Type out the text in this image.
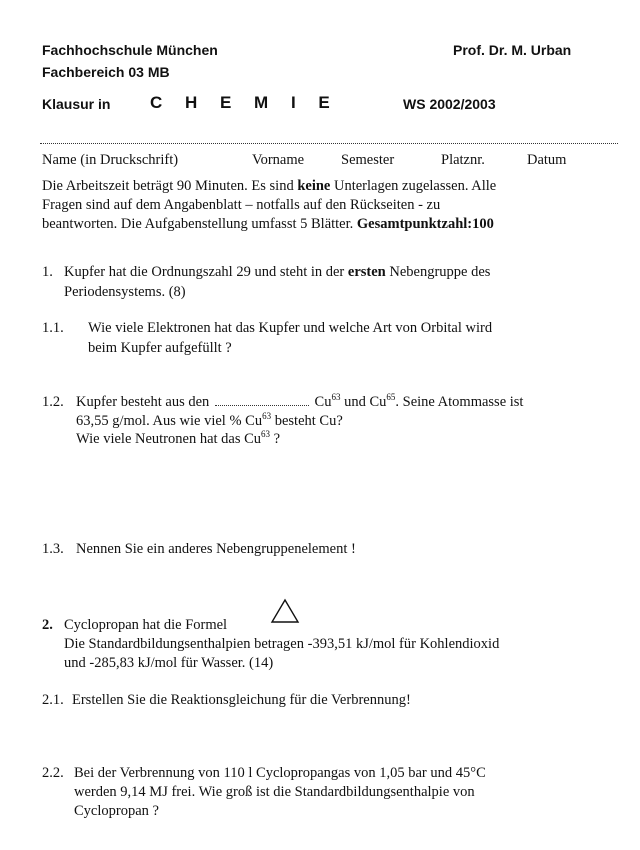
Fachhochschule München
Fachbereich 03 MB
Prof. Dr. M. Urban
Klausur in C H E M I E	WS 2002/2003
Name (in Druckschrift)	Vorname	Semester	Platznr.	Datum
Die Arbeitszeit beträgt 90 Minuten. Es sind keine Unterlagen zugelassen. Alle
Fragen sind auf dem Angabenblatt – notfalls auf den Rückseiten - zu
beantworten. Die Aufgabenstellung umfasst 5 Blätter. Gesamtpunktzahl:100
1. Kupfer hat die Ordnungszahl 29 und steht in der ersten Nebengruppe des
Periodensystems. (8)
1.1. Wie viele Elektronen hat das Kupfer und welche Art von Orbital wird
beim Kupfer aufgefüllt ?
1.2. Kupfer besteht aus den	Cu$^{63}$ und Cu$^{65}$. Seine Atommasse ist
63,55 g/mol. Aus wie viel % Cu$^{63}$ besteht Cu?
Wie viele Neutronen hat das Cu$^{63}$ ?
1.3. Nennen Sie ein anderes Nebengruppenelement !
2. Cyclopropan hat die Formel
Die Standardbildungsenthalpien betragen -393,51 kJ/mol für Kohlendioxid
und -285,83 kJ/mol für Wasser. (14)
2.1. Erstellen Sie die Reaktionsgleichung für die Verbrennung!
2.2. Bei der Verbrennung von 110 l Cyclopropangas von 1,05 bar und 45°C
werden 9,14 MJ frei. Wie groß ist die Standardbildungsenthalpie von
Cyclopropan ?
